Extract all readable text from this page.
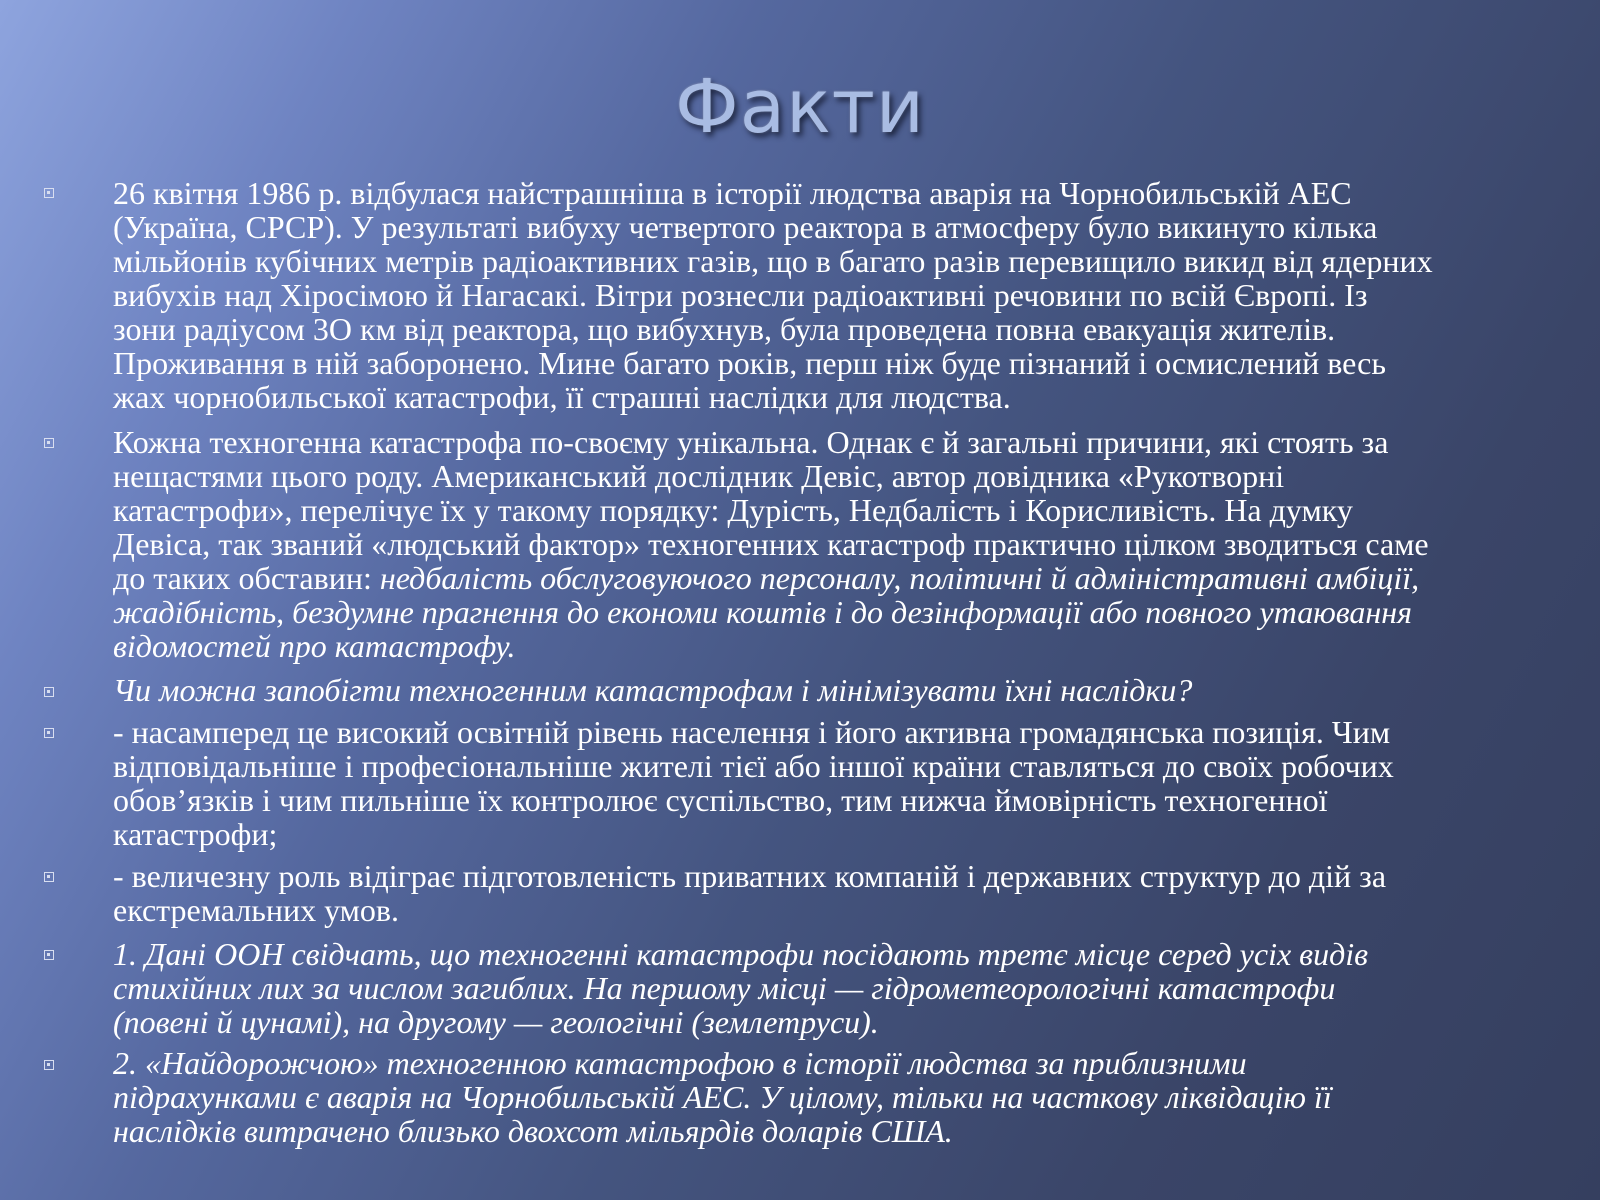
Факти
26 квітня 1986 р. відбулася найстрашніша в історії людства аварія на Чорнобильській АЕС
(Україна, СРСР). У результаті вибуху четвертого реактора в атмосферу було викинуто кілька
мільйонів кубічних метрів радіоактивних газів, що в багато разів перевищило викид від ядерних
вибухів над Хіросімою й Нагасакі. Вітри рознесли радіоактивні речовини по всій Європі. Із
зони радіусом 3О км від реактора, що вибухнув, була проведена повна евакуація жителів.
Проживання в ній заборонено. Мине багато років, перш ніж буде пізнаний і осмислений весь
жах чорнобильської катастрофи, її страшні наслідки для людства.
Кожна техногенна катастрофа по-своєму унікальна. Однак є й загальні причини, які стоять за
нещастями цього роду. Американський дослідник Девіс, автор довідника «Рукотворні
катастрофи», перелічує їх у такому порядку: Дурість, Недбалість і Корисливість. На думку
Девіса, так званий «людський фактор» техногенних катастроф практично цілком зводиться саме
до таких обставин: недбалість обслуговуючого персоналу, політичні й адміністративні амбіції,
жадібність, бездумне прагнення до економи коштів і до дезінформації або повного утаювання
відомостей про катастрофу.
Чи можна запобігти техногенним катастрофам і мінімізувати їхні наслідки?
- насамперед це високий освітній рівень населення і його активна громадянська позиція. Чим
відповідальніше і професіональніше жителі тієї або іншої країни ставляться до своїх робочих
обов’язків і чим пильніше їх контролює суспільство, тим нижча ймовірність техногенної
катастрофи;
- величезну роль відіграє підготовленість приватних компаній і державних структур до дій за
екстремальних умов.
1. Дані ООН свідчать, що техногенні катастрофи посідають третє місце серед усіх видів
стихійних лих за числом загиблих. На першому місці — гідрометеорологічні катастрофи
(повені й цунамі), на другому — геологічні (землетруси).
2. «Найдорожчою» техногенною катастрофою в історії людства за приблизними
підрахунками є аварія на Чорнобильській АЕС. У цілому, тільки на часткову ліквідацію її
наслідків витрачено близько двохсот мільярдів доларів США.
